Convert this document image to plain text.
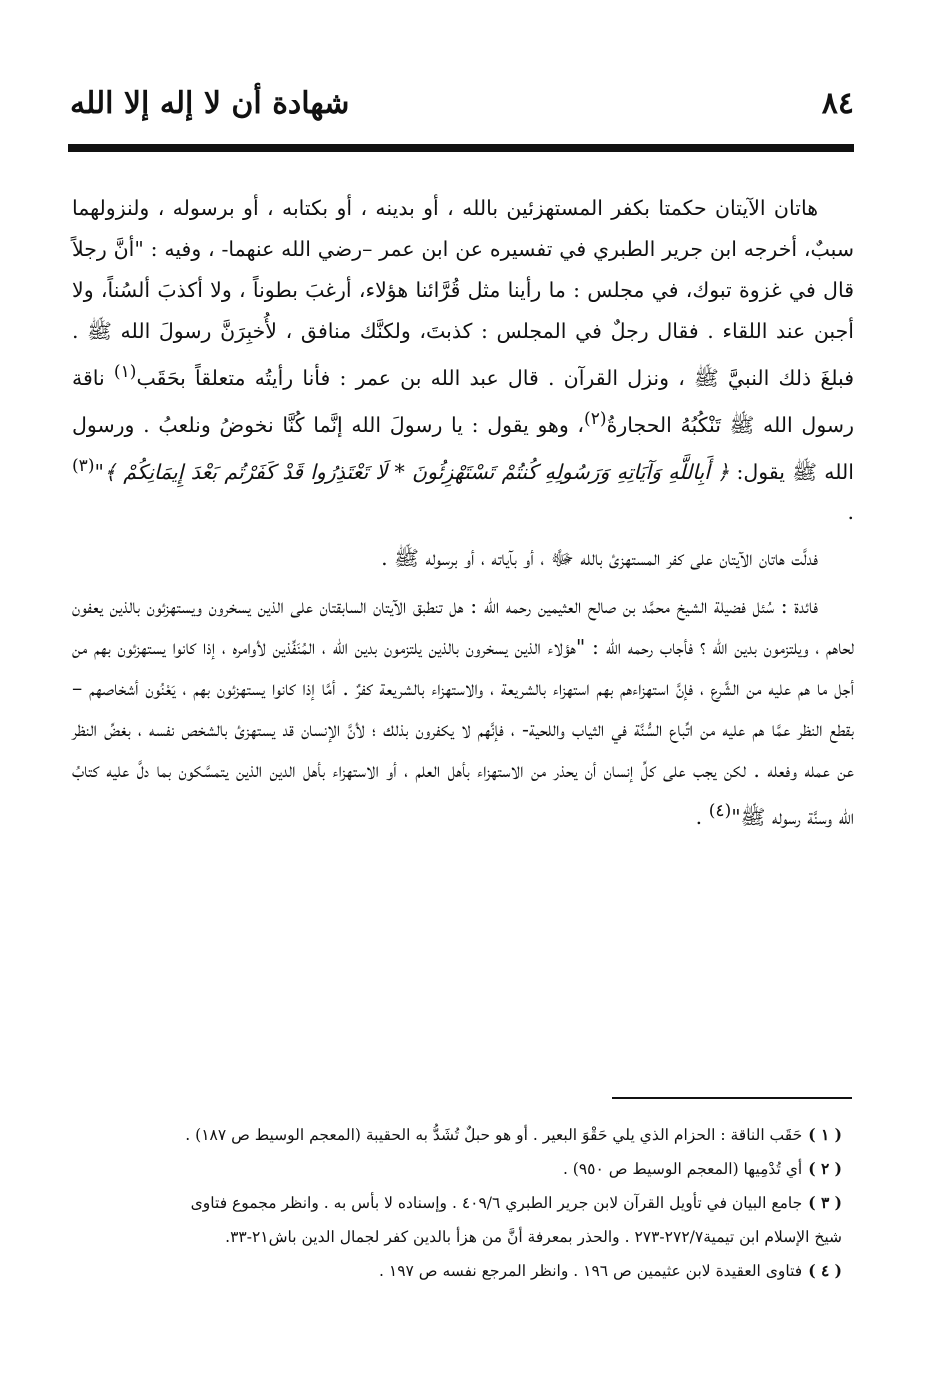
٨٤
شهادة أن لا إله إلا الله

هاتان الآيتان حكمتا بكفر المستهزئين بالله ، أو بدينه ، أو بكتابه ، أو برسوله ، ولنزولهما سببٌ، أخرجه ابن جرير الطبري في تفسيره عن ابن عمر –رضي الله عنهما- ، وفيه : "أنَّ رجلاً قال في غزوة تبوك، في مجلس : ما رأينا مثل قُرَّائنا هؤلاء، أرغبَ بطوناً ، ولا أكذبَ ألسُناً، ولا أجبن عند اللقاء . فقال رجلٌ في المجلس : كذبتَ، ولكنَّك منافق ، لأُخبِرَنَّ رسولَ الله ﷺ . فبلغَ ذلك النبيَّ ﷺ ، ونزل القرآن . قال عبد الله بن عمر : فأنا رأيتُه متعلقاً بحَقَب$^{(١)}$ ناقة رسول الله ﷺ تَنْكُبُهُ الحجارةُ$^{(٢)}$، وهو يقول : يا رسولَ الله إنَّما كُنَّا نخوضُ ونلعبُ . ورسول الله ﷺ يقول: ﴿ أَبِاللَّهِ وَآيَاتِهِ وَرَسُولِهِ كُنتُمْ تَسْتَهْزِئُونَ * لَا تَعْتَذِرُوا قَدْ كَفَرْتُم بَعْدَ إِيمَانِكُمْ ﴾"$^{(٣)}$ .

فدلَّت هاتان الآيتان على كفر المستهزئ بالله ﷻ ، أو بآياته ، أو برسوله ﷺ .

فائدة : سُئل فضيلة الشيخ محمَّد بن صالح العثيمين رحمه الله : هل تنطبق الآيتان السابقتان على الذين يسخرون ويستهزئون بالذين يعفون لحاهم ، ويلتزمون بدين الله ؟ فأجاب رحمه الله : "هؤلاء الذين يسخرون بالذين يلتزمون بدين الله ، المُنَفِّذين لأوامره ، إذا كانوا يستهزئون بهم من أجل ما هم عليه من الشَّرع ، فإنَّ استهزاءهم بهم استهزاء بالشريعة ، والاستهزاء بالشريعة كفرٌ . أمَّا إذا كانوا يستهزئون بهم ، يَعْنُون أشخاصهم –بقطع النظر عمَّا هم عليه من اتِّباع السُّنَّة في الثياب واللحية- ، فإنَّهم لا يكفرون بذلك ؛ لأنَّ الإنسان قد يستهزئ بالشخص نفسه ، بغضِّ النظر عن عمله وفعله . لكن يجب على كلِّ إنسان أن يحذر من الاستهزاء بأهل العلم ، أو الاستهزاء بأهل الدين الذين يتمسَّكون بما دلَّ عليه كتابُ الله وسنَّة رسوله ﷺ"$^{(٤)}$ .

( ١ )حَقَب الناقة : الحزام الذي يلي حَقْوَ البعير . أو هو حبلٌ تُشَدُّ به الحقيبة (المعجم الوسيط ص ١٨٧) .

( ٢ )أي تُدْمِيها (المعجم الوسيط ص ٩٥٠) .

( ٣ )جامع البيان في تأويل القرآن لابن جرير الطبري ٤٠٩/٦ . وإسناده لا بأس به . وانظر مجموع فتاوى

شيخ الإسلام ابن تيمية٢٧٢/٧-٢٧٣ . والحذر بمعرفة أنَّ من هزأ بالدين كفر لجمال الدين باش٢١-٣٣.

( ٤ )فتاوى العقيدة لابن عثيمين ص ١٩٦ . وانظر المرجع نفسه ص ١٩٧ .
